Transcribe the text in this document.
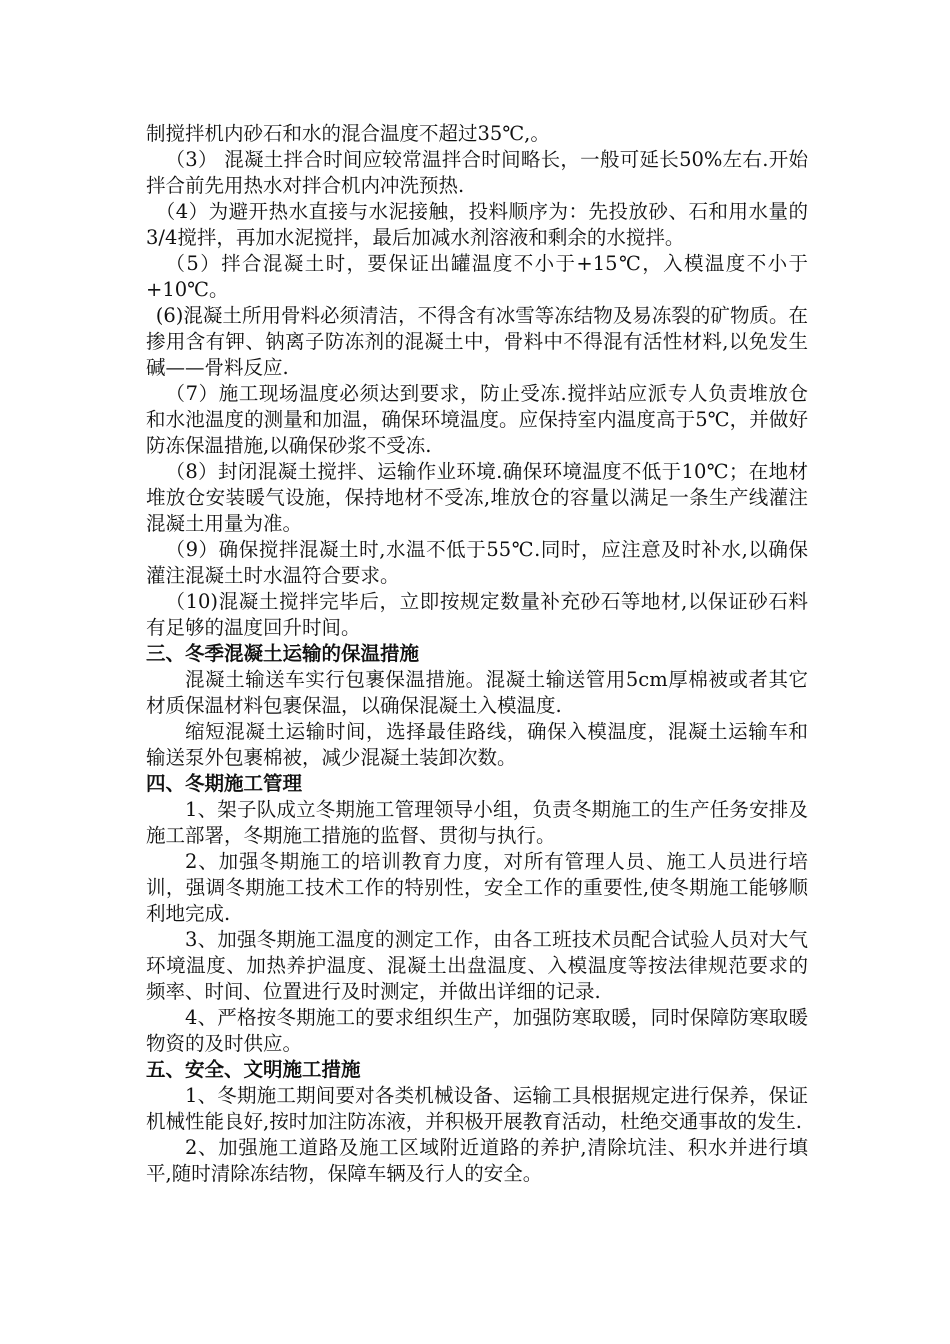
制搅拌机内砂石和水的混合温度不超过35℃,。

（3） 混凝土拌合时间应较常温拌合时间略长，一般可延长50%左右.开始拌合前先用热水对拌合机内冲洗预热.

（4）为避开热水直接与水泥接触，投料顺序为：先投放砂、石和用水量的3/4搅拌，再加水泥搅拌，最后加减水剂溶液和剩余的水搅拌。

（5）拌合混凝土时，要保证出罐温度不小于+15℃，入模温度不小于+10℃。

(6)混凝土所用骨料必须清洁，不得含有冰雪等冻结物及易冻裂的矿物质。在掺用含有钾、钠离子防冻剂的混凝土中，骨料中不得混有活性材料,以免发生碱——骨料反应.

（7）施工现场温度必须达到要求，防止受冻.搅拌站应派专人负责堆放仓和水池温度的测量和加温，确保环境温度。应保持室内温度高于5℃，并做好防冻保温措施,以确保砂浆不受冻.

（8）封闭混凝土搅拌、运输作业环境.确保环境温度不低于10℃；在地材堆放仓安装暖气设施，保持地材不受冻,堆放仓的容量以满足一条生产线灌注混凝土用量为准。

（9）确保搅拌混凝土时,水温不低于55℃.同时，应注意及时补水,以确保灌注混凝土时水温符合要求。

（10)混凝土搅拌完毕后，立即按规定数量补充砂石等地材,以保证砂石料有足够的温度回升时间。

三、冬季混凝土运输的保温措施

混凝土输送车实行包裹保温措施。混凝土输送管用5cm厚棉被或者其它材质保温材料包裹保温，以确保混凝土入模温度.

缩短混凝土运输时间，选择最佳路线，确保入模温度，混凝土运输车和输送泵外包裹棉被，减少混凝土装卸次数。

四、冬期施工管理

1、架子队成立冬期施工管理领导小组，负责冬期施工的生产任务安排及施工部署，冬期施工措施的监督、贯彻与执行。

2、加强冬期施工的培训教育力度，对所有管理人员、施工人员进行培训，强调冬期施工技术工作的特别性，安全工作的重要性,使冬期施工能够顺利地完成.

3、加强冬期施工温度的测定工作，由各工班技术员配合试验人员对大气环境温度、加热养护温度、混凝土出盘温度、入模温度等按法律规范要求的频率、时间、位置进行及时测定，并做出详细的记录.

4、严格按冬期施工的要求组织生产，加强防寒取暖，同时保障防寒取暖物资的及时供应。

五、安全、文明施工措施

1、冬期施工期间要对各类机械设备、运输工具根据规定进行保养，保证机械性能良好,按时加注防冻液，并积极开展教育活动，杜绝交通事故的发生.

2、加强施工道路及施工区域附近道路的养护,清除坑洼、积水并进行填平,随时清除冻结物，保障车辆及行人的安全。
